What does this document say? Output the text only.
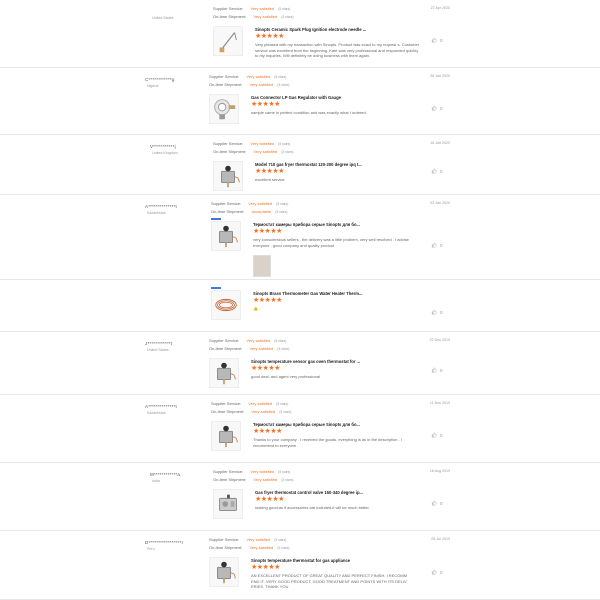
United States
Supplier Service: Very satisfied (5 stars)
On-time Shipment: Very satisfied (5 stars)
27 Apr 2020
Sinopts Ceramic Spark Plug Ignition electrode needle ...
★★★★★
Very pleased with my transaction with Sinopts. Product was exact to my request s. Customer service was excellent from the beginning. Kate was very professional and responded quickly to my inquiries. Will definitely be doing business with them again.
0
C************g
Nigeria
Supplier Service: Very satisfied (5 stars)
On-time Shipment: Very satisfied (5 stars)
26 Jan 2020
Gas Connector LP Gas Regulator with Gauge
★★★★★
sample came in perfect condition and was exactly what I ordered.
0
V***********j
United Kingdom
Supplier Service: Very satisfied (5 stars)
On-time Shipment: Very satisfied (5 stars)
16 Jan 2020
Model 710 gas fryer thermostat 120-200 degree ipq t...
★★★★★
excellent service
0
A**************t
Kazakhstan
Supplier Service: Very satisfied (5 stars)
On-time Shipment: Acceptable (3 stars)
03 Jan 2020
Термостат камеры прибора серые Sinopts для бо...
★★★★★
very conscientious sellers . the delivery was a little problem, very well resolved . I advise everyone . good company and quality product	0
Sinopts Brass Thermometer Gas Water Heater Therm...
★★★★★
👍
0
J************t
United States
Supplier Service: Very satisfied (5 stars)
On-time Shipment: Very satisfied (5 stars)
22 Dec 2019
Sinopts temperature sensor gas oven thermostat for ...
★★★★★
good deal, and agent very professional
0
A**************t
Kazakhstan
Supplier Service: Very satisfied (5 stars)
On-time Shipment: Very satisfied (5 stars)
11 Nov 2019
Термостат камеры прибора серые Sinopts для бо...
★★★★★
Thanks to your company . I received the goods, everything is as in the description . I recommend to everyone .
0
M************a
India
Supplier Service: Very satisfied (5 stars)
On-time Shipment: Very satisfied (5 stars)
16 Aug 2019
Gas fryer thermostat control valve 150-340 degree ip...
★★★★★
looking good;as if accessories are included,it will be much better.
0
D*****************r
Peru
Supplier Service: Very satisfied (5 stars)
On-time Shipment: Very satisfied (5 stars)
05 Jul 2019
Sinopts temperature thermostat for gas appliance
★★★★★
AN EXCELLENT PRODUCT OF GREAT QUALITY AND PERFECT FINISH. I RECOMM END IT. VERY GOOD PRODUCT, GOOD TREATMENT AND POINTS WITH ITS DELIV ERIES. THANK YOU
0
